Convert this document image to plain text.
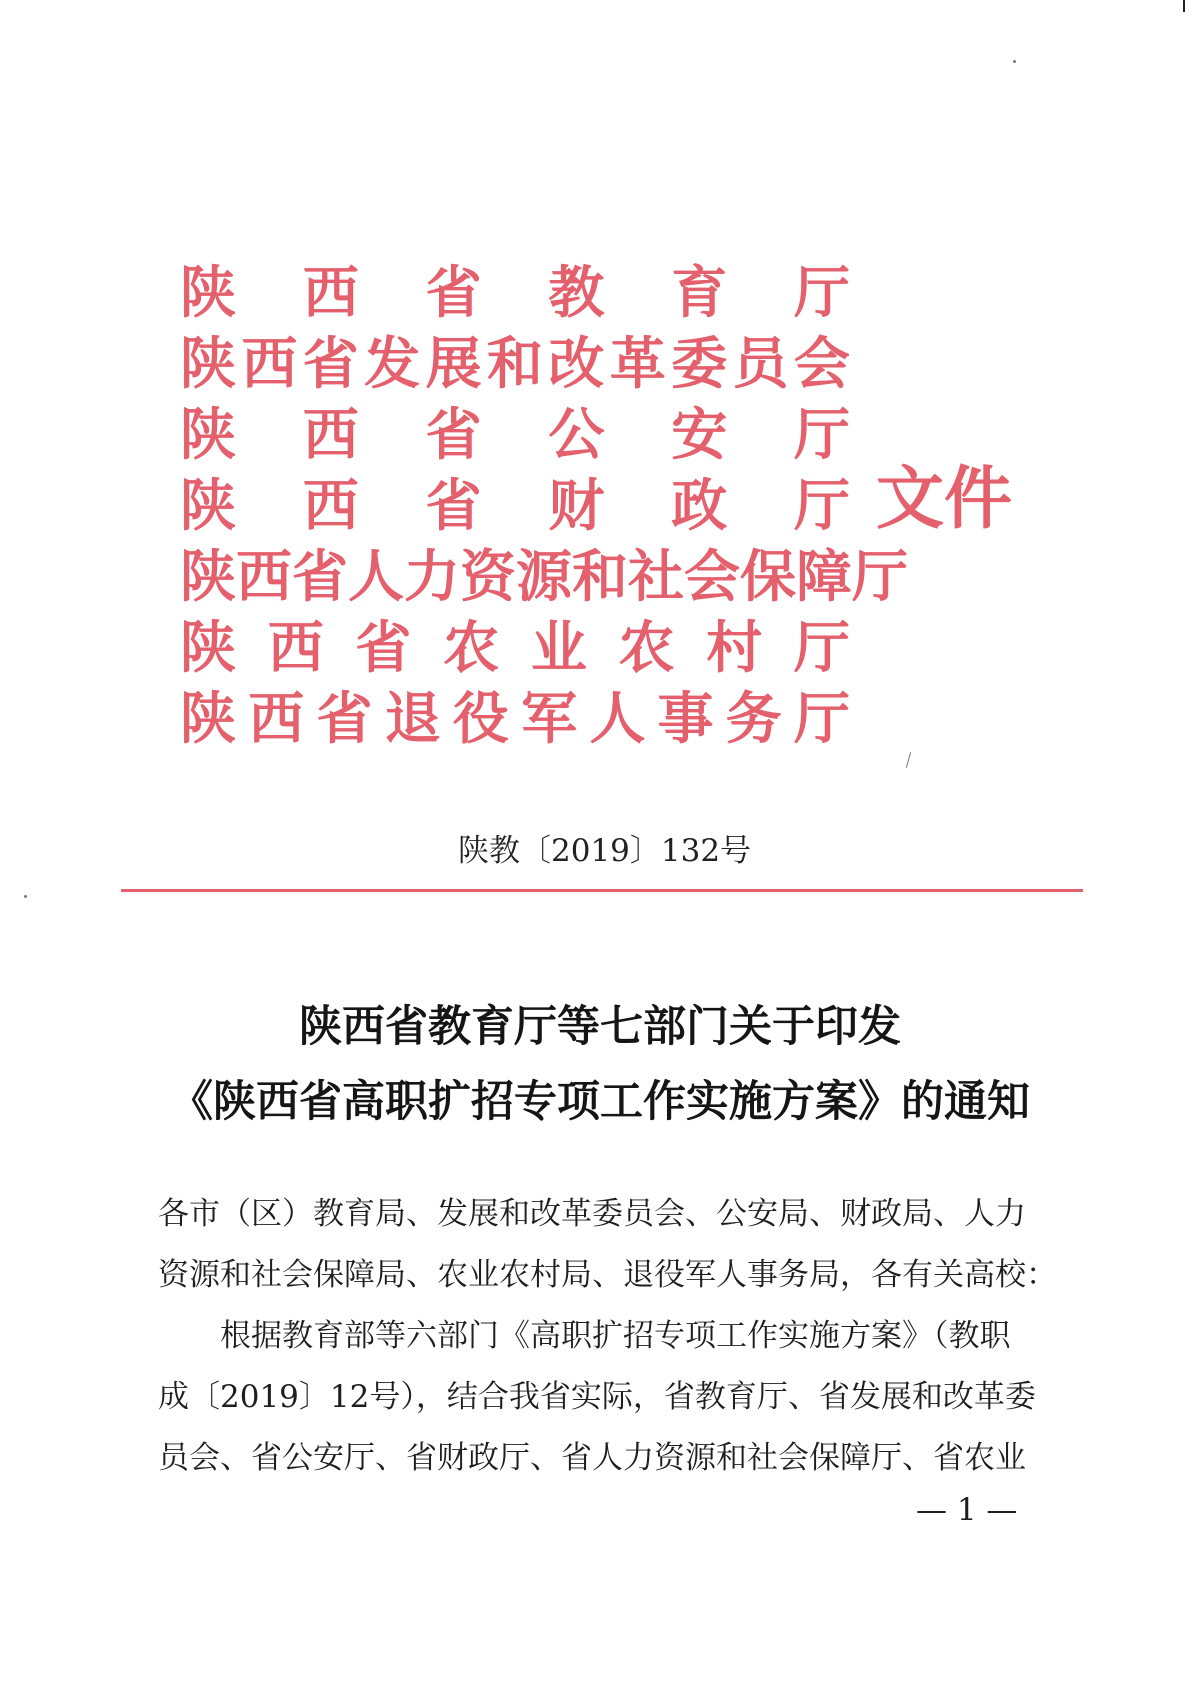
陕 西 省 教 育 厅
陕 西 省 发 展 和 改 革 委 员 会
陕 西 省 公 安 厅
陕 西 省 财 政 厅
陕 西 省 人 力 资 源 和 社 会 保 障 厅
陕 西 省 农 业 农 村 厅
陕 西 省 退 役 军 人 事 务 厅
文件
陕教〔2019〕132号
陕西省教育厅等七部门关于印发
《陕西省高职扩招专项工作实施方案》的通知
各市（区）教育局、发展和改革委员会、公安局、财政局、人力
资源和社会保障局、农业农村局、退役军人事务局，各有关高校：
根据教育部等六部门《高职扩招专项工作实施方案》（教职
成〔2019〕12号），结合我省实际，省教育厅、省发展和改革委
员会、省公安厅、省财政厅、省人力资源和社会保障厅、省农业
— 1 —
